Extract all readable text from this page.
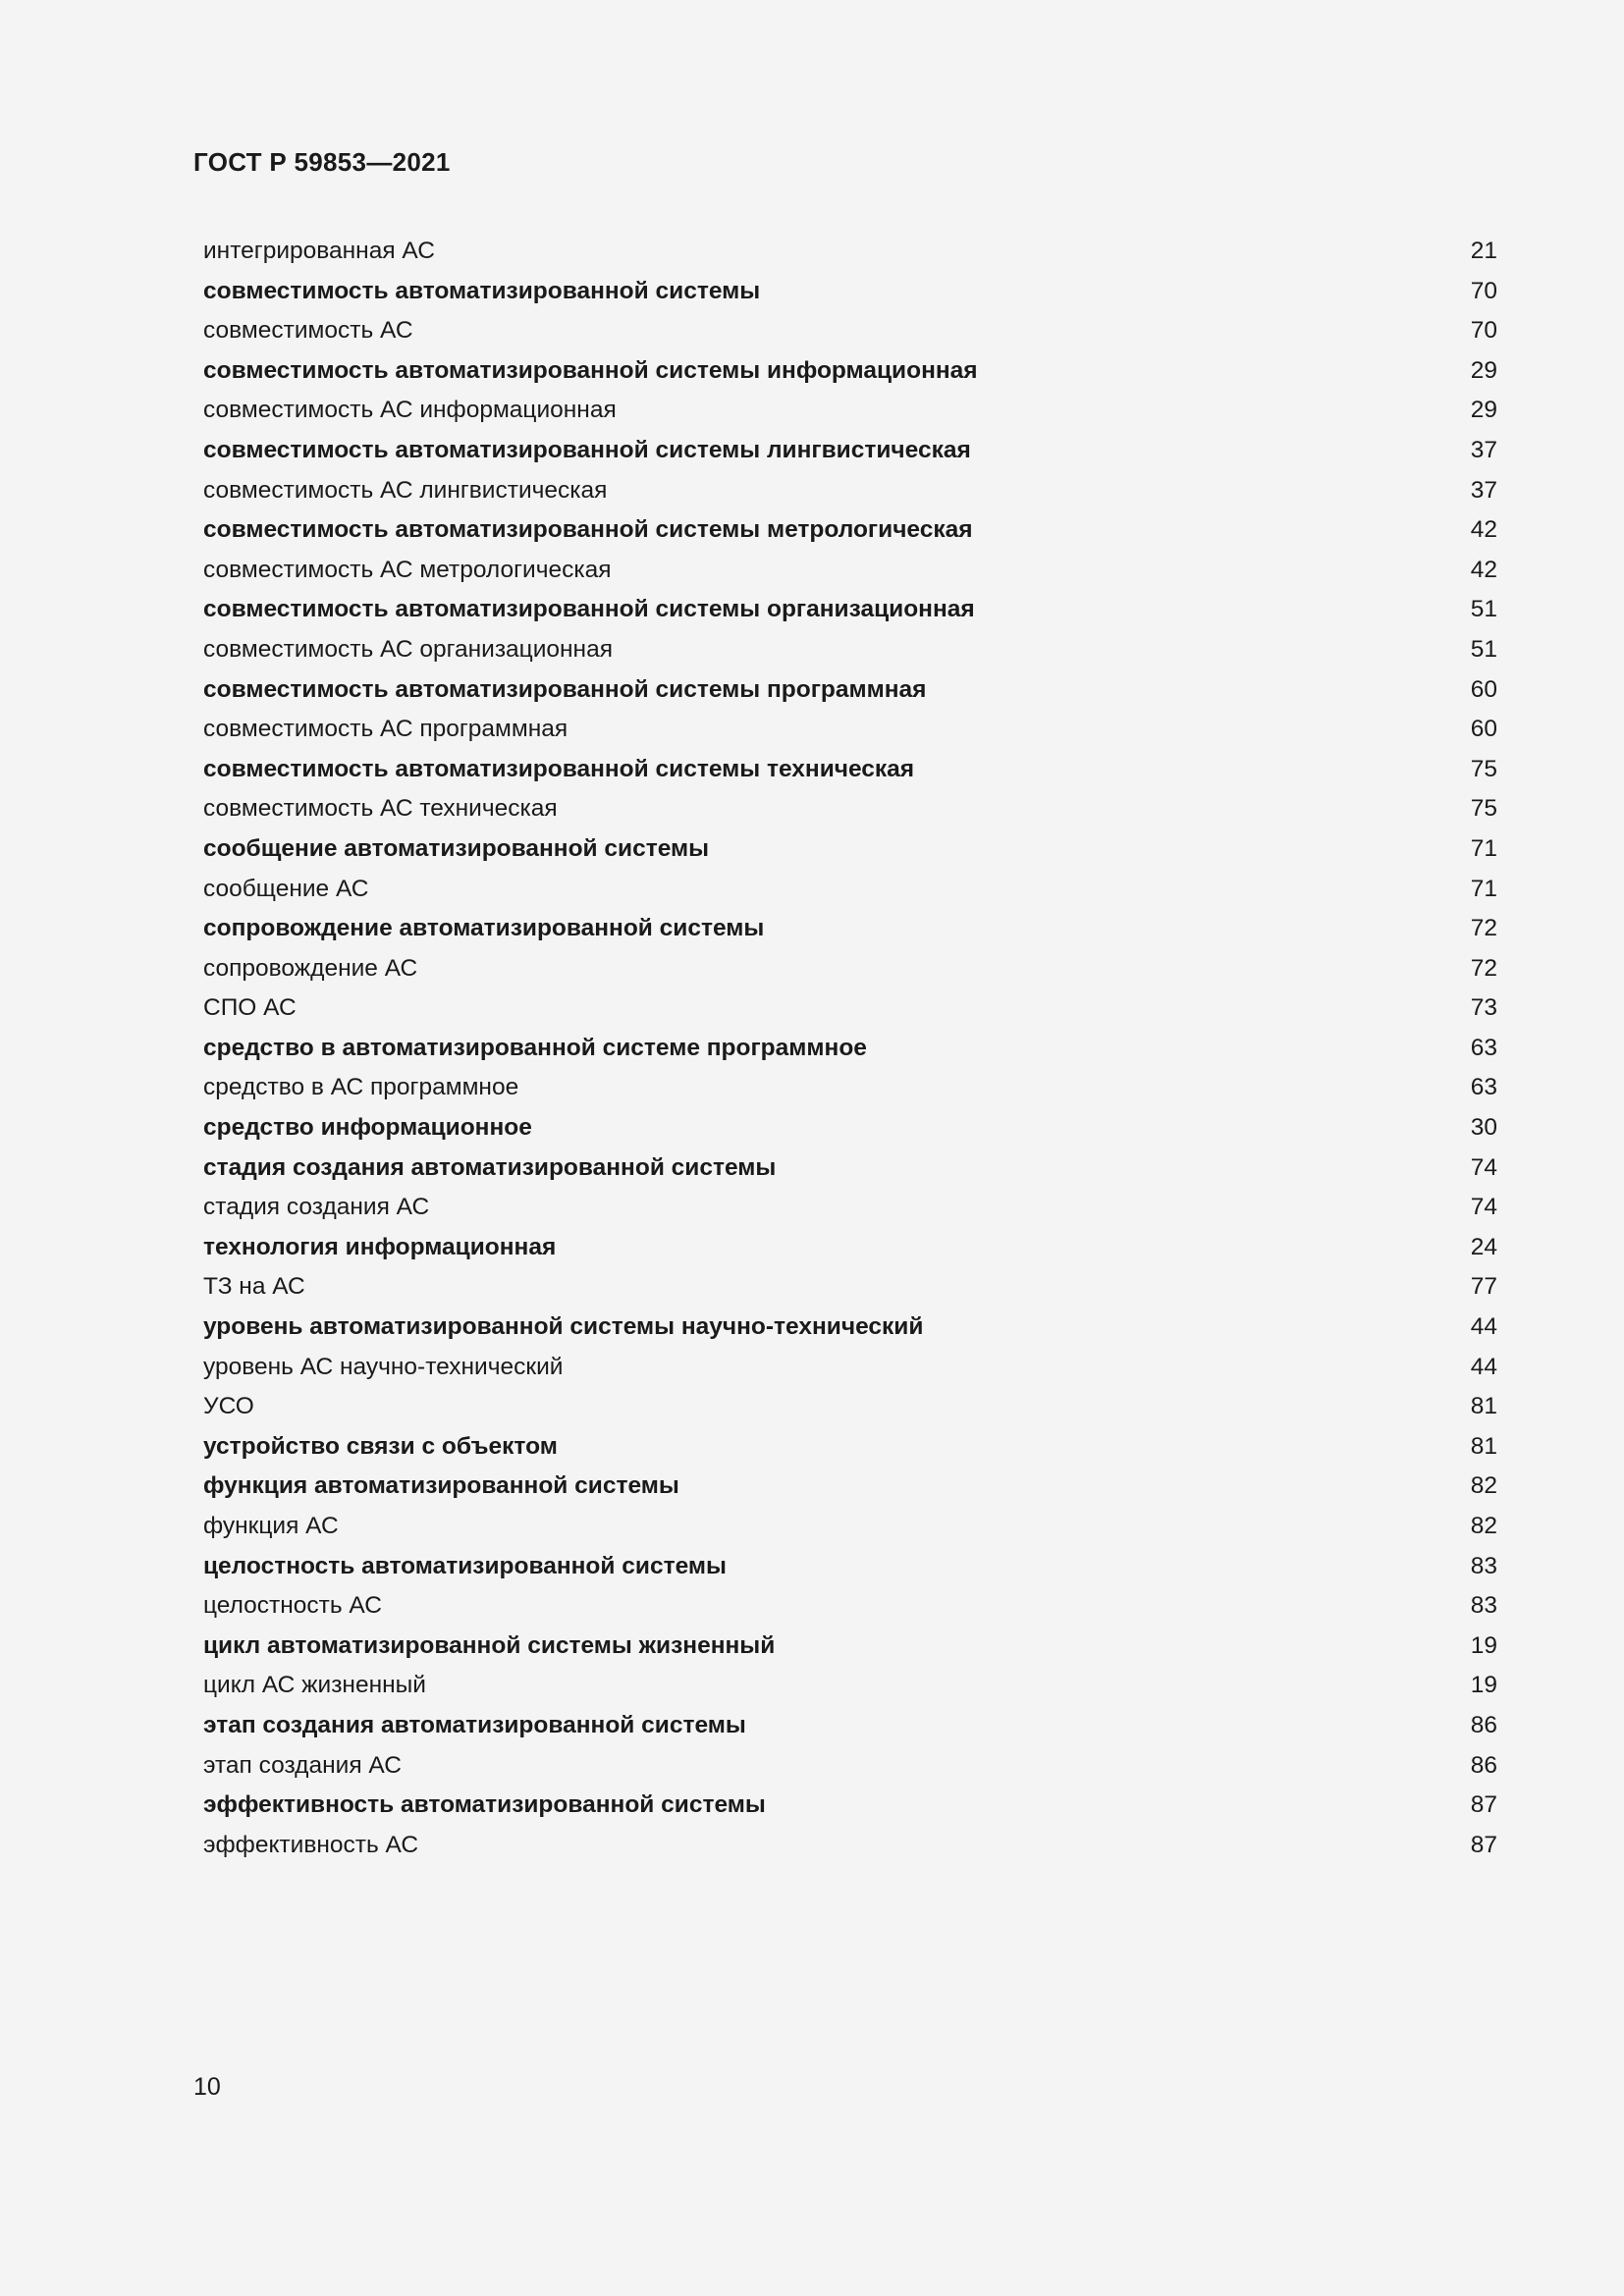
ГОСТ Р 59853—2021
интегрированная АС	21
совместимость автоматизированной системы	70
совместимость АС	70
совместимость автоматизированной системы информационная	29
совместимость АС информационная	29
совместимость автоматизированной системы лингвистическая	37
совместимость АС лингвистическая	37
совместимость автоматизированной системы метрологическая	42
совместимость АС метрологическая	42
совместимость автоматизированной системы организационная	51
совместимость АС организационная	51
совместимость автоматизированной системы программная	60
совместимость АС программная	60
совместимость автоматизированной системы техническая	75
совместимость АС техническая	75
сообщение автоматизированной системы	71
сообщение АС	71
сопровождение автоматизированной системы	72
сопровождение АС	72
СПО АС	73
средство в автоматизированной системе программное	63
средство в АС программное	63
средство информационное	30
стадия создания автоматизированной системы	74
стадия создания АС	74
технология информационная	24
ТЗ на АС	77
уровень автоматизированной системы научно-технический	44
уровень АС научно-технический	44
УСО	81
устройство связи с объектом	81
функция автоматизированной системы	82
функция АС	82
целостность автоматизированной системы	83
целостность АС	83
цикл автоматизированной системы жизненный	19
цикл АС жизненный	19
этап создания автоматизированной системы	86
этап создания АС	86
эффективность автоматизированной системы	87
эффективность АС	87
10
